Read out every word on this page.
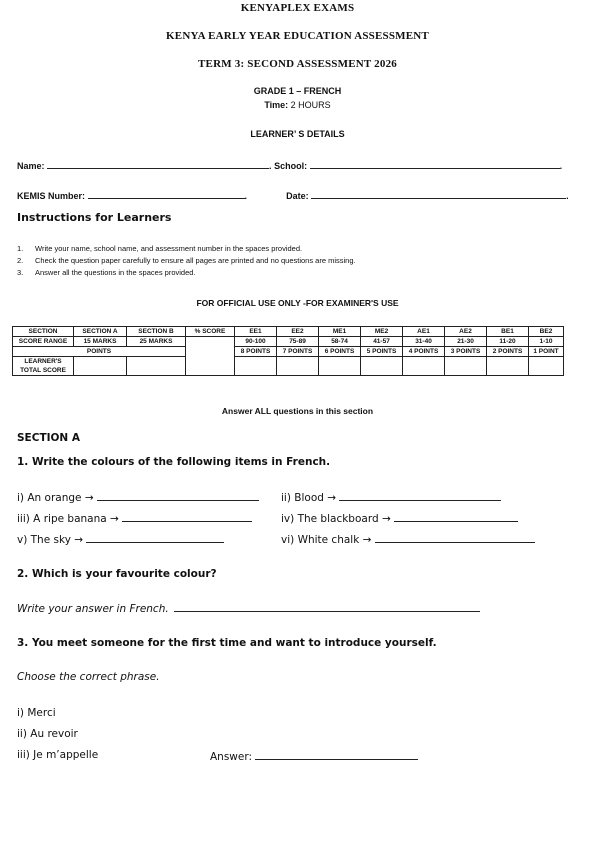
KENYAPLEX EXAMS
KENYA EARLY YEAR EDUCATION ASSESSMENT
TERM 3: SECOND ASSESSMENT 2026
GRADE 1 – FRENCH
Time: 2 HOURS
LEARNER’ S DETAILS
Name:	. School:	.
KEMIS Number:	.	Date:	.
Instructions for Learners
1. Write your name, school name, and assessment number in the spaces provided.
2. Check the question paper carefully to ensure all pages are printed and no questions are missing.
3. Answer all the questions in the spaces provided.
FOR OFFICIAL USE ONLY -FOR EXAMINER'S USE
SECTION	SECTION A	SECTION B	% SCORE	EE1	EE2	ME1	ME2	AE1	AE2	BE1	BE2
SCORE RANGE	15 MARKS	25 MARKS		90-100	75-89	58-74	41-57	31-40	21-30	11-20	1-10
POINTS				8 POINTS	7 POINTS	6 POINTS	5 POINTS	4 POINTS	3 POINTS	2 POINTS	1 POINT
LEARNER'S											
TOTAL SCORE											
Answer ALL questions in this section
SECTION A
1. Write the colours of the following items in French.
i) An orange →	ii) Blood →
iii) A ripe banana →	iv) The blackboard →
v) The sky →	vi) White chalk →
2. Which is your favourite colour?
Write your answer in French.
3. You meet someone for the first time and want to introduce yourself.
Choose the correct phrase.
i) Merci
ii) Au revoir
iii) Je m’appelle	Answer:
